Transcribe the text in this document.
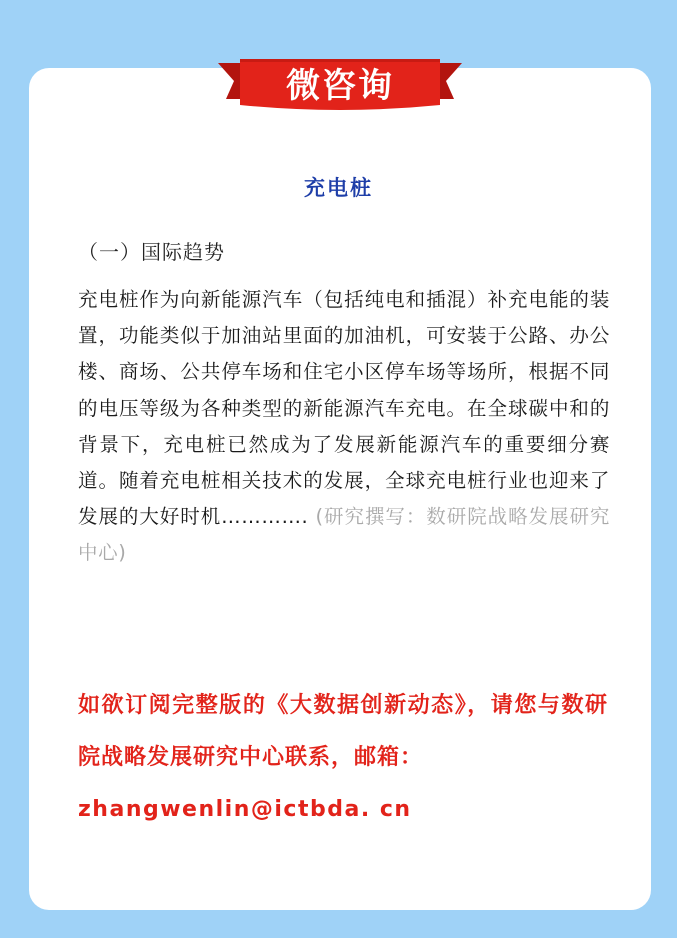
微咨询
充电桩
（一）国际趋势
充电桩作为向新能源汽车（包括纯电和插混）补充电能的装置，功能类似于加油站里面的加油机，可安装于公路、办公楼、商场、公共停车场和住宅小区停车场等场所，根据不同的电压等级为各种类型的新能源汽车充电。在全球碳中和的背景下，充电桩已然成为了发展新能源汽车的重要细分赛道。随着充电桩相关技术的发展，全球充电桩行业也迎来了发展的大好时机…………. (研究撰写：数研院战略发展研究中心)
如欲订阅完整版的《大数据创新动态》，请您与数研院战略发展研究中心联系，邮箱：
zhangwenlin@ictbda. cn
